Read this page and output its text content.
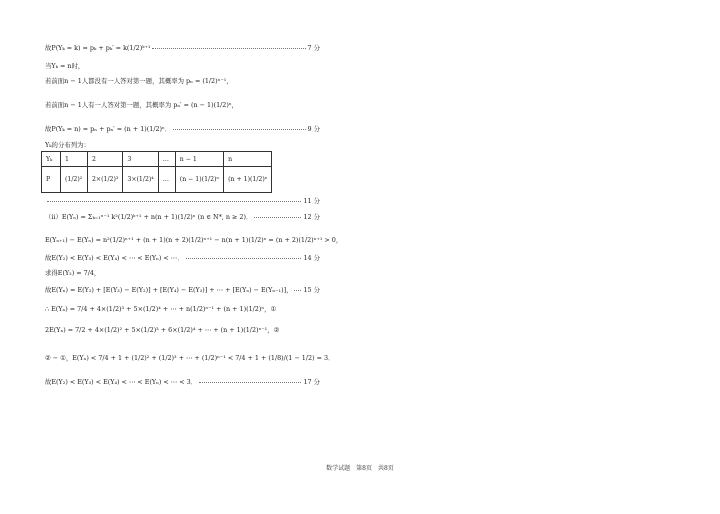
故P(Yₖ = k) = pₖ + pₖ′ = k(1/2)ᵏ⁺¹	7 分
当Yₖ = n时，
若前面n − 1人都没有一人答对第一题，其概率为 pₙ = (1/2)ⁿ⁻¹，
若前面n − 1人有一人答对第一题，其概率为 pₙ′ = (n − 1)(1/2)ⁿ，
故P(Yₖ = n) = pₙ + pₙ′ = (n + 1)(1/2)ⁿ．	9 分
Yₖ的分布列为：
Yₖ	1	2	3	…	n − 1	n
P	(1/2)²	2×(1/2)³	3×(1/2)⁴	…	(n − 1)(1/2)ⁿ	(n + 1)(1/2)ⁿ
11 分
（ii）E(Yₙ) = Σₖ₌₁ⁿ⁻¹ k²(1/2)ᵏ⁺¹ + n(n + 1)(1/2)ⁿ (n ∈ N*, n ≥ 2)．	12 分
E(Yₙ₊₁) − E(Yₙ) = n²(1/2)ⁿ⁺¹ + (n + 1)(n + 2)(1/2)ⁿ⁺¹ − n(n + 1)(1/2)ⁿ = (n + 2)(1/2)ⁿ⁺¹ > 0，
故E(Y₂) < E(Y₃) < E(Y₄) < ⋯ < E(Yₙ) < ⋯．	14 分
求得E(Y₂) = 7/4，
故E(Yₙ) = E(Y₂) + [E(Y₃) − E(Y₂)] + [E(Y₄) − E(Y₃)] + ⋯ + [E(Yₙ) − E(Yₙ₋₁)]， 15 分
∴ E(Yₙ) = 7/4 + 4×(1/2)³ + 5×(1/2)⁴ + ⋯ + n(1/2)ⁿ⁻¹ + (n + 1)(1/2)ⁿ，①
2E(Yₙ) = 7/2 + 4×(1/2)² + 5×(1/2)³ + 6×(1/2)⁴ + ⋯ + (n + 1)(1/2)ⁿ⁻¹，②
② − ①，E(Yₙ) < 7/4 + 1 + (1/2)² + (1/2)³ + ⋯ + (1/2)ⁿ⁻¹ < 7/4 + 1 + (1/8)/(1 − 1/2) = 3．
故E(Y₂) < E(Y₃) < E(Y₄) < ⋯ < E(Yₙ) < ⋯ < 3．	17 分
数学试题　第8页　共8页
